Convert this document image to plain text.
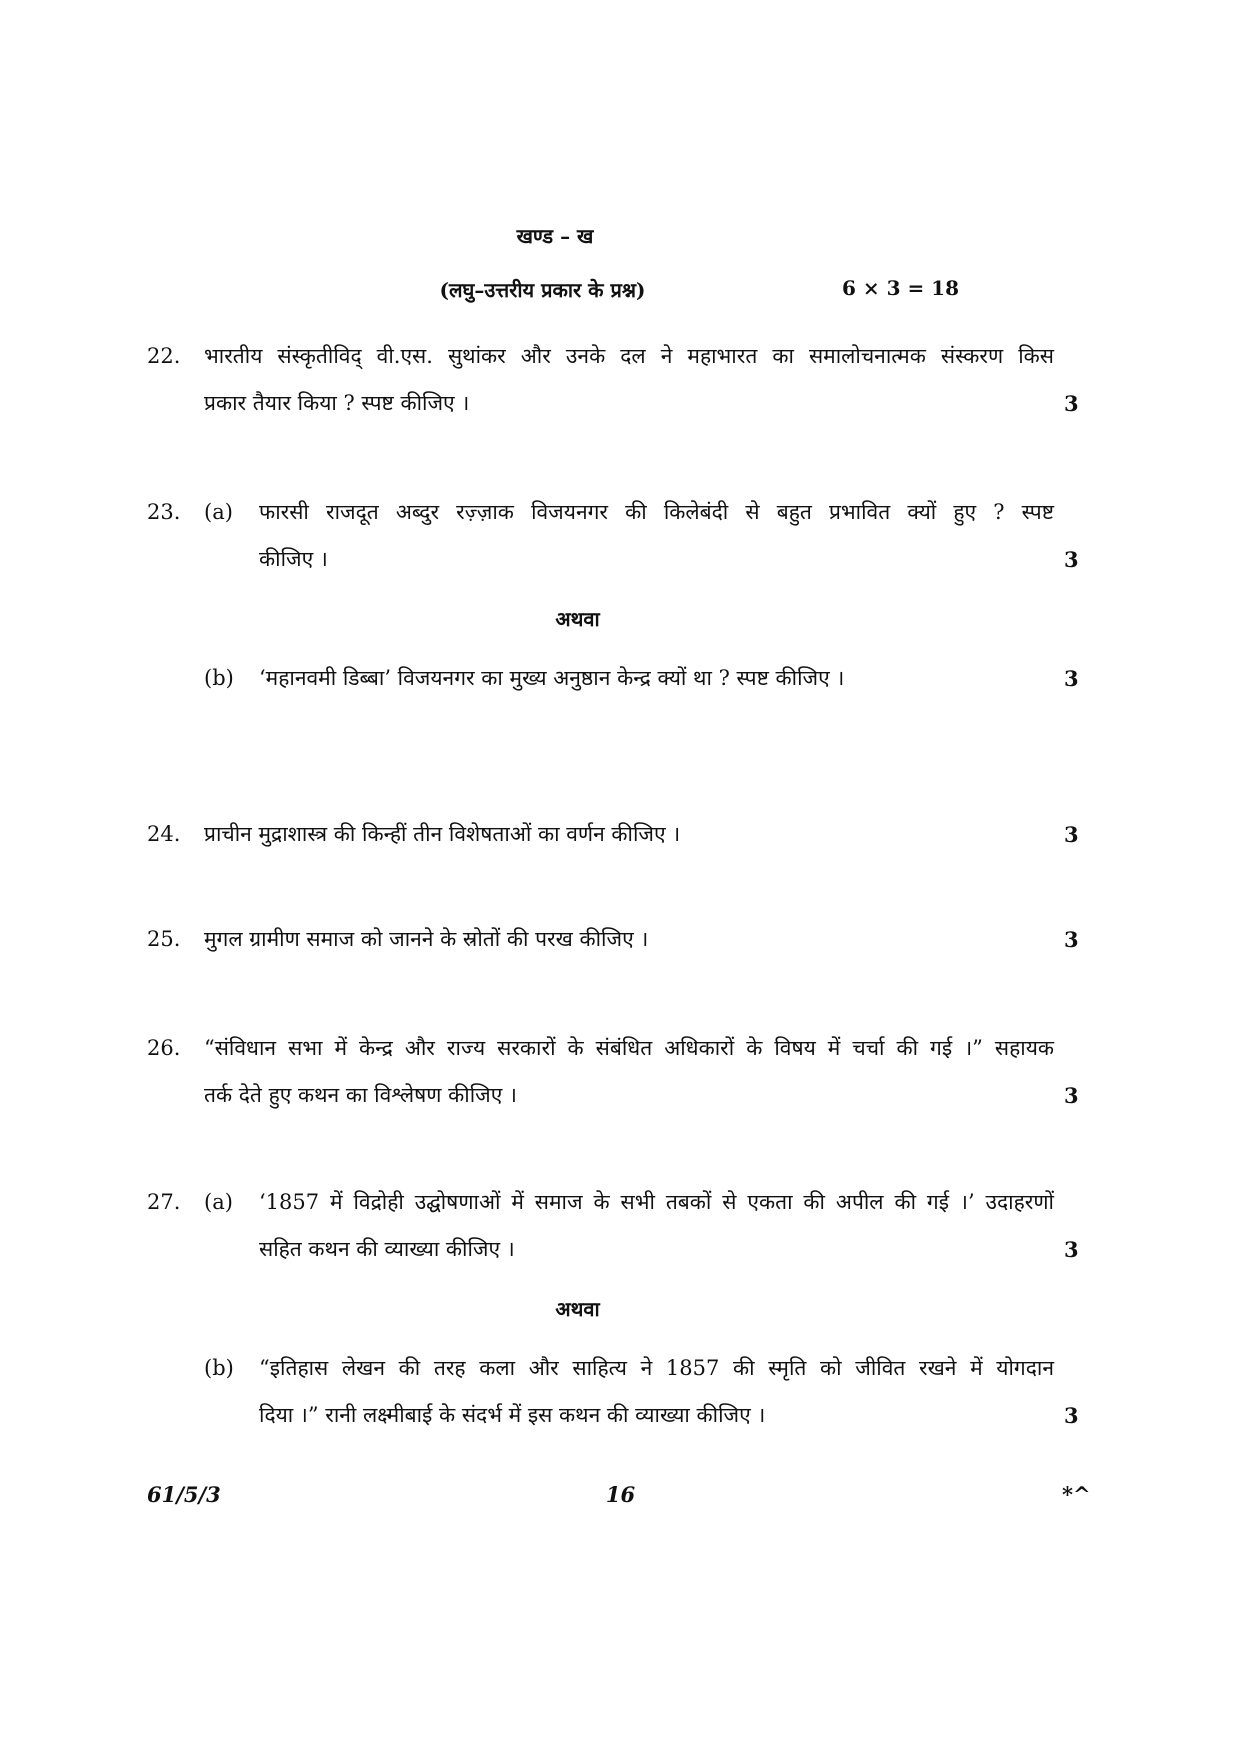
खण्ड – ख
(लघु–उत्तरीय प्रकार के प्रश्न)	6 × 3 = 18
22. भारतीय संस्कृतीविद् वी.एस. सुथांकर और उनके दल ने महाभारत का समालोचनात्मक संस्करण किस
प्रकार तैयार किया ? स्पष्ट कीजिए ।	3
23. (a) फारसी राजदूत अब्दुर रज़्ज़ाक विजयनगर की किलेबंदी से बहुत प्रभावित क्यों हुए ? स्पष्ट
कीजिए ।	3
अथवा
(b) ‘महानवमी डिब्बा’ विजयनगर का मुख्य अनुष्ठान केन्द्र क्यों था ? स्पष्ट कीजिए ।	3
24. प्राचीन मुद्राशास्त्र की किन्हीं तीन विशेषताओं का वर्णन कीजिए ।	3
25. मुगल ग्रामीण समाज को जानने के स्रोतों की परख कीजिए ।	3
26. “संविधान सभा में केन्द्र और राज्य सरकारों के संबंधित अधिकारों के विषय में चर्चा की गई ।” सहायक
तर्क देते हुए कथन का विश्लेषण कीजिए ।	3
27. (a) ‘1857 में विद्रोही उद्घोषणाओं में समाज के सभी तबकों से एकता की अपील की गई ।’ उदाहरणों
सहित कथन की व्याख्या कीजिए ।	3
अथवा
(b) “इतिहास लेखन की तरह कला और साहित्य ने 1857 की स्मृति को जीवित रखने में योगदान
दिया ।” रानी लक्ष्मीबाई के संदर्भ में इस कथन की व्याख्या कीजिए ।	3
61/5/3	16	*^
